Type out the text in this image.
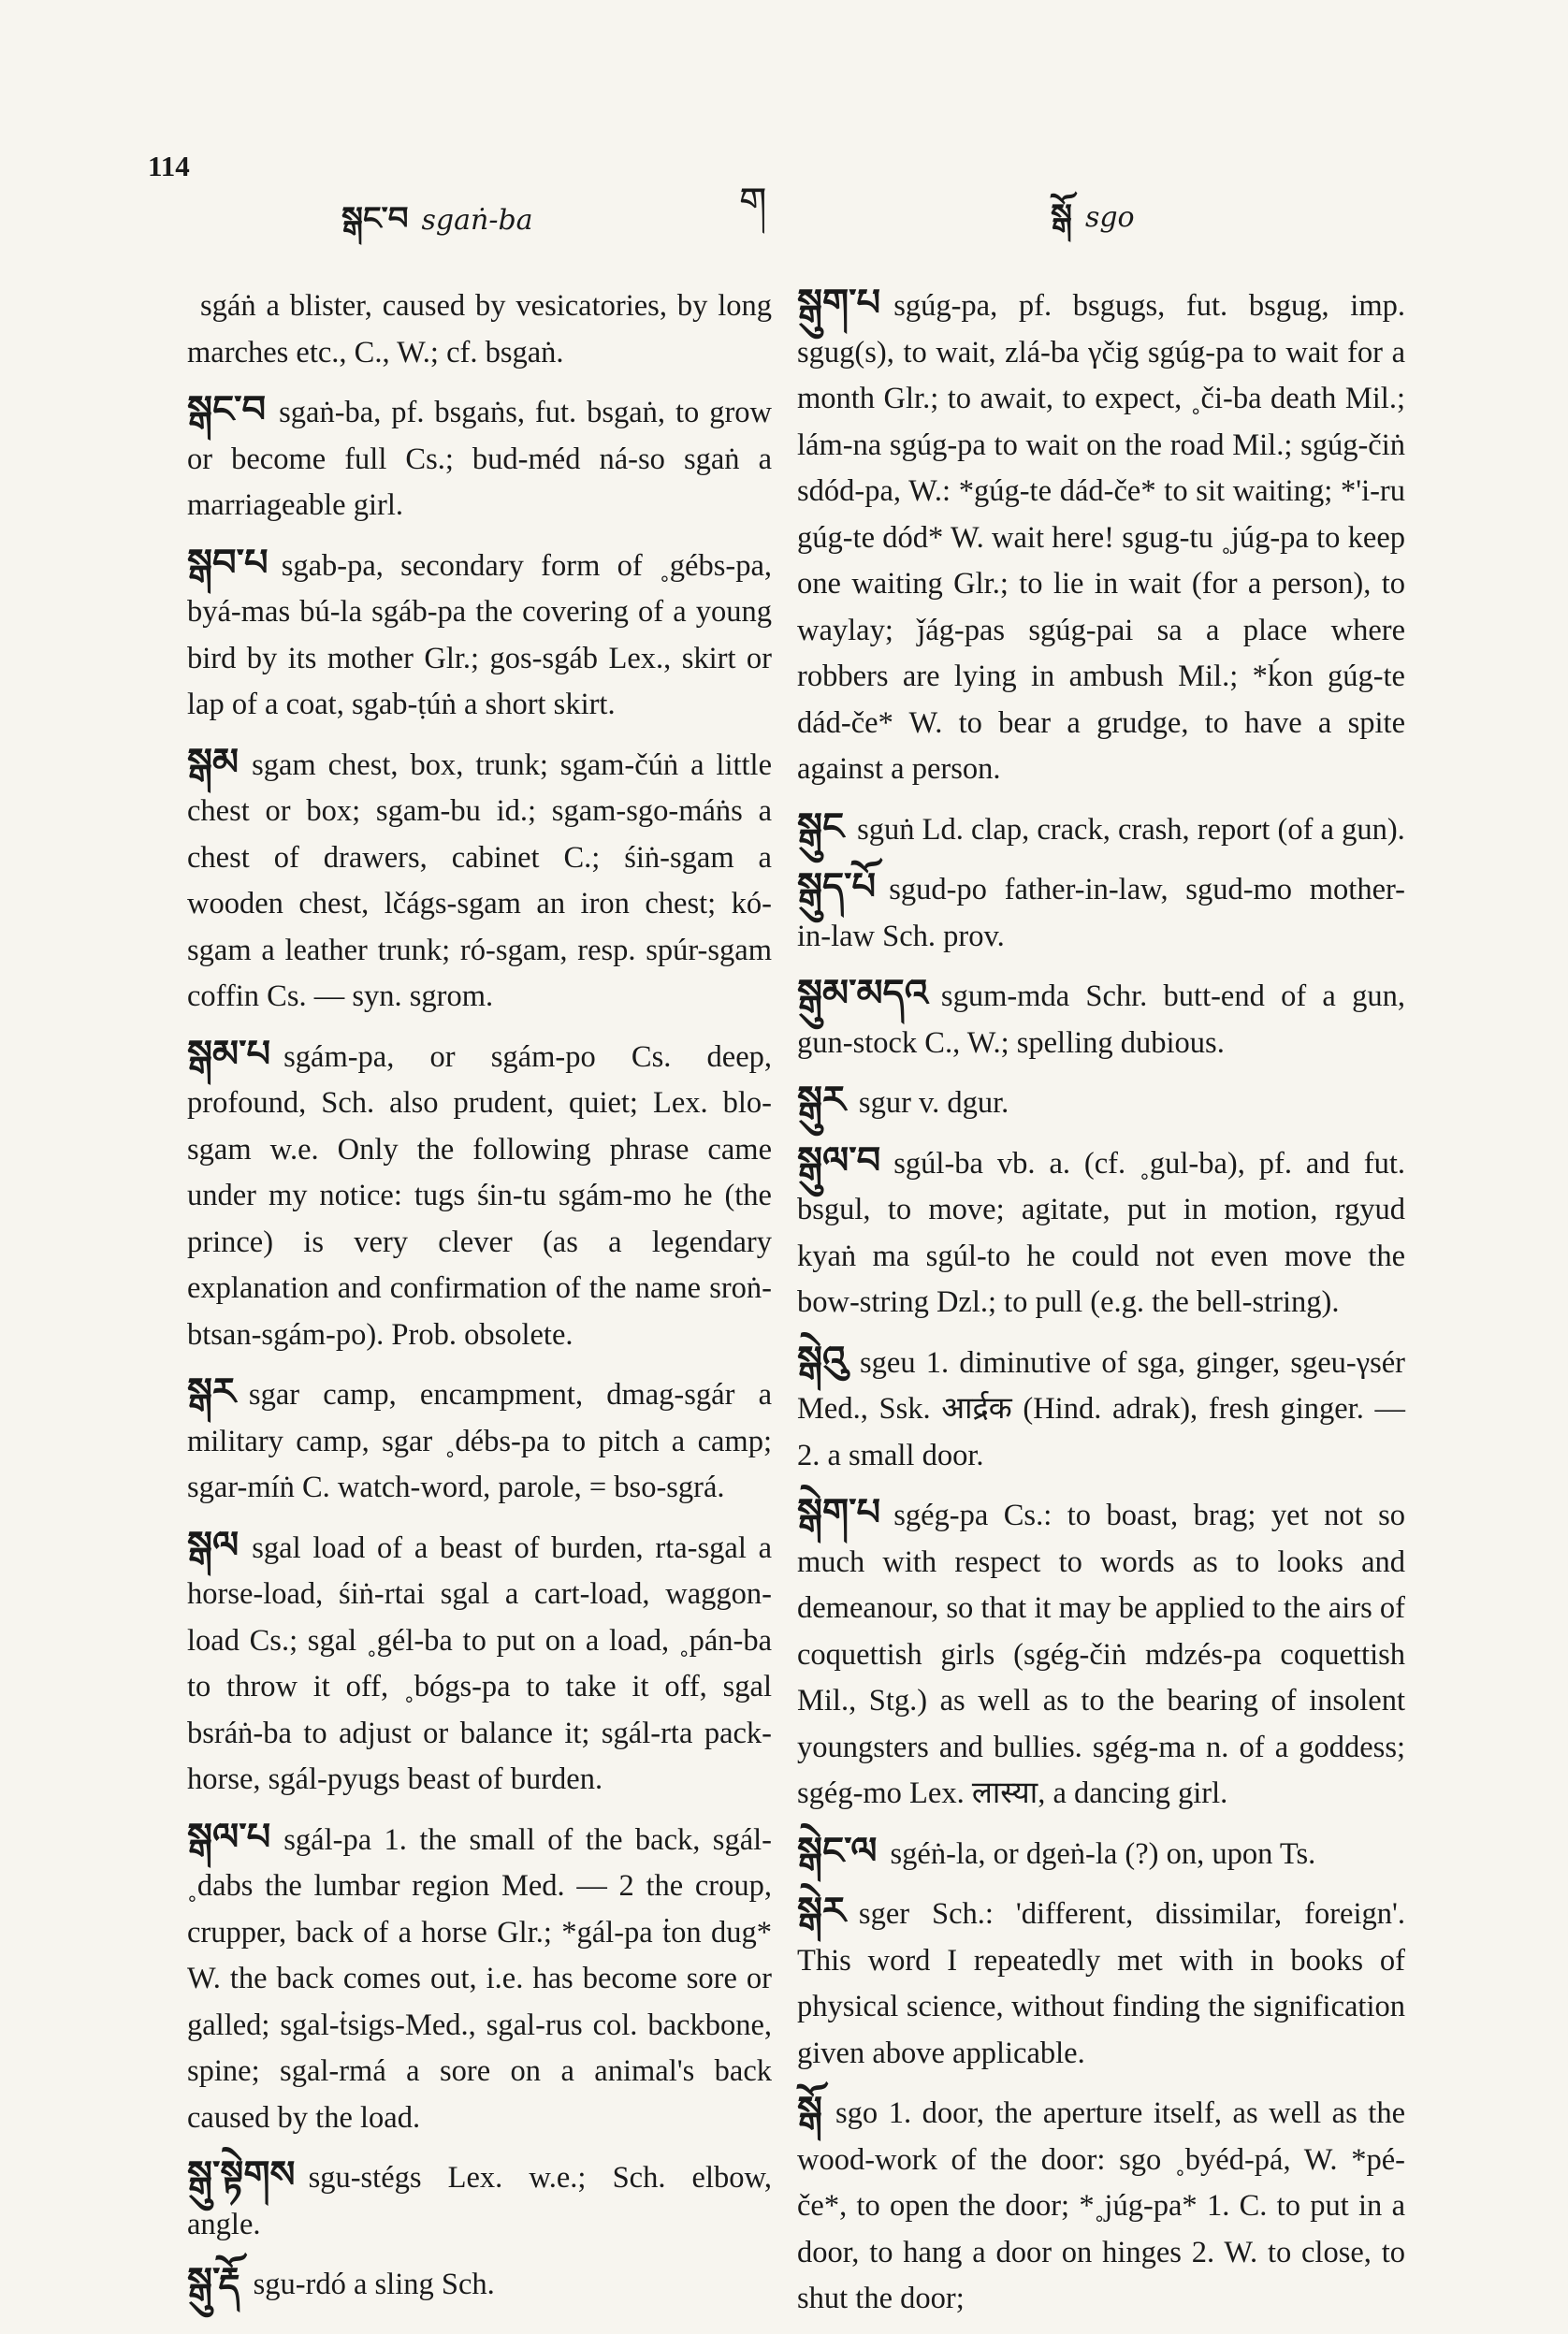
114
སྒང་བ sgaṅ-ba	ག	སྒོ sgo

sgáṅ a blister, caused by vesicatories, by long marches etc., C., W.; cf. bsgaṅ.

སྒང་བ sgaṅ-ba, pf. bsgaṅs, fut. bsgaṅ, to grow or become full Cs.; bud-méd ná-so sgaṅ a marriageable girl.

སྒབ་པ sgab-pa, secondary form of ˳gébs-pa, byá-mas bú-la sgáb-pa the covering of a young bird by its mother Glr.; gos-sgáb Lex., skirt or lap of a coat, sgab-ṭúṅ a short skirt.

སྒམ sgam chest, box, trunk; sgam-čúṅ a little chest or box; sgam-bu id.; sgam-sgo-máṅs a chest of drawers, cabinet C.; śiṅ-sgam a wooden chest, lčágs-sgam an iron chest; kó-sgam a leather trunk; ró-sgam, resp. spúr-sgam coffin Cs. — syn. sgrom.

སྒམ་པ sgám-pa, or sgám-po Cs. deep, profound, Sch. also prudent, quiet; Lex. blo-sgam w.e. Only the following phrase came under my notice: tugs śin-tu sgám-mo he (the prince) is very clever (as a legendary explanation and confirmation of the name sroṅ-btsan-sgám-po). Prob. obsolete.

སྒར sgar camp, encampment, dmag-sgár a military camp, sgar ˳débs-pa to pitch a camp; sgar-míṅ C. watch-word, parole, = bso-sgrá.

སྒལ sgal load of a beast of burden, rta-sgal a horse-load, śiṅ-rtai sgal a cart-load, waggon-load Cs.; sgal ˳gél-ba to put on a load, ˳pán-ba to throw it off, ˳bógs-pa to take it off, sgal bsráṅ-ba to adjust or balance it; sgál-rta pack-horse, sgál-pyugs beast of burden.

སྒལ་པ sgál-pa 1. the small of the back, sgál-˳dabs the lumbar region Med. — 2 the croup, crupper, back of a horse Glr.; *gál-pa ṫon dug* W. the back comes out, i.e. has become sore or galled; sgal-ṫsigs-Med., sgal-rus col. backbone, spine; sgal-rmá a sore on a animal's back caused by the load.

སྒུ་སྟེགས sgu-stégs Lex. w.e.; Sch. elbow, angle.

སྒུ་རྡོ sgu-rdó a sling Sch.

སྒུག་པ sgúg-pa, pf. bsgugs, fut. bsgug, imp. sgug(s), to wait, zlá-ba γčig sgúg-pa to wait for a month Glr.; to await, to expect, ˳či-ba death Mil.; lám-na sgúg-pa to wait on the road Mil.; sgúg-čiṅ sdód-pa, W.: *gúg-te dád-če* to sit waiting; *'i-ru gúg-te dód* W. wait here! sgug-tu ˳júg-pa to keep one waiting Glr.; to lie in wait (for a person), to waylay; ǰág-pas sgúg-pai sa a place where robbers are lying in ambush Mil.; *ḱon gúg-te dád-če* W. to bear a grudge, to have a spite against a person.

སྒུང sguṅ Ld. clap, crack, crash, report (of a gun).

སྒུད་པོ sgud-po father-in-law, sgud-mo mother-in-law Sch. prov.

སྒུམ་མདའ sgum-mda Schr. butt-end of a gun, gun-stock C., W.; spelling dubious.

སྒུར sgur v. dgur.

སྒུལ་བ sgúl-ba vb. a. (cf. ˳gul-ba), pf. and fut. bsgul, to move; agitate, put in motion, rgyud kyaṅ ma sgúl-to he could not even move the bow-string Dzl.; to pull (e.g. the bell-string).

སྒེའུ sgeu 1. diminutive of sga, ginger, sgeu-γsér Med., Ssk. आर्द्रक (Hind. adrak), fresh ginger. — 2. a small door.

སྒེག་པ sgég-pa Cs.: to boast, brag; yet not so much with respect to words as to looks and demeanour, so that it may be applied to the airs of coquettish girls (sgég-čiṅ mdzés-pa coquettish Mil., Stg.) as well as to the bearing of insolent youngsters and bullies. sgég-ma n. of a goddess; sgég-mo Lex. लास्या, a dancing girl.

སྒེང་ལ sgéṅ-la, or dgeṅ-la (?) on, upon Ts.

སྒེར sger Sch.: 'different, dissimilar, foreign'. This word I repeatedly met with in books of physical science, without finding the signification given above applicable.

སྒོ sgo 1. door, the aperture itself, as well as the wood-work of the door: sgo ˳byéd-pá, W. *pé-če*, to open the door; *˳júg-pa* 1. C. to put in a door, to hang a door on hinges 2. W. to close, to shut the door;
